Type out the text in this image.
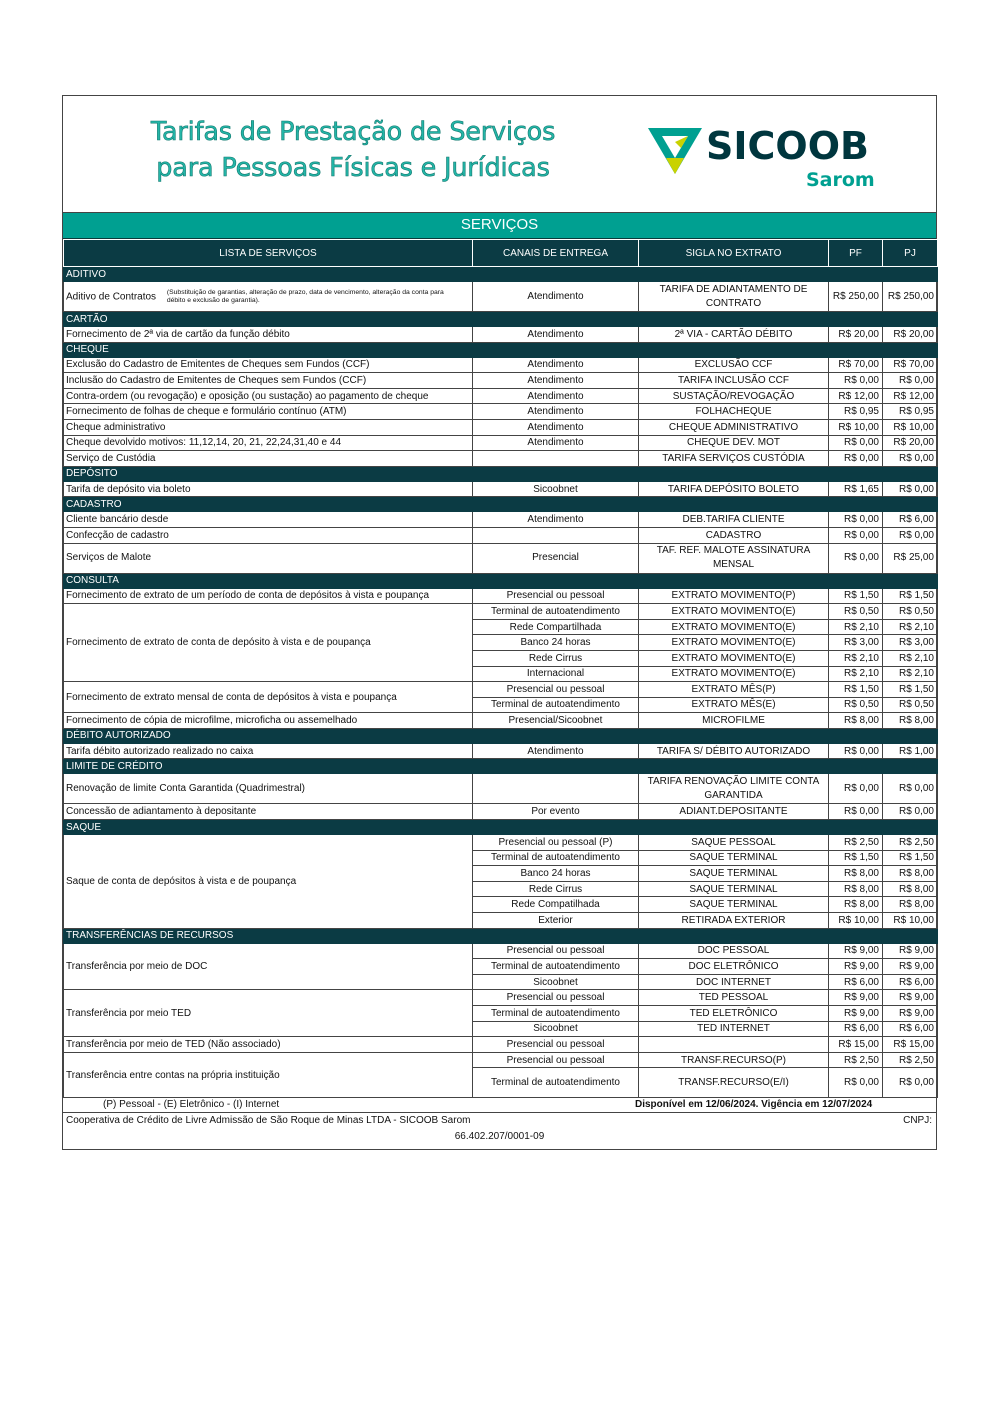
Tarifas de Prestação de Serviços
para Pessoas Físicas e Jurídicas	SICOOB
Sarom
SERVIÇOS
LISTA DE SERVIÇOS	CANAIS DE ENTREGA	SIGLA NO EXTRATO	PF	PJ
ADITIVO				
Aditivo de Contratos (Substituição de garantias, alteração de prazo, data de vencimento, alteração da conta para débito e exclusão de garantia).	Atendimento	TARIFA DE ADIANTAMENTO DE CONTRATO	R$ 250,00	R$ 250,00
CARTÃO				
Fornecimento de 2ª via de cartão da função débito	Atendimento	2ª VIA - CARTÃO DÉBITO	R$ 20,00	R$ 20,00
CHEQUE				
Exclusão do Cadastro de Emitentes de Cheques sem Fundos (CCF)	Atendimento	EXCLUSÃO CCF	R$ 70,00	R$ 70,00
Inclusão do Cadastro de Emitentes de Cheques sem Fundos (CCF)	Atendimento	TARIFA INCLUSÃO CCF	R$ 0,00	R$ 0,00
Contra-ordem (ou revogação) e oposição (ou sustação) ao pagamento de cheque	Atendimento	SUSTAÇÃO/REVOGAÇÃO	R$ 12,00	R$ 12,00
Fornecimento de folhas de cheque e formulário contínuo (ATM)	Atendimento	FOLHACHEQUE	R$ 0,95	R$ 0,95
Cheque administrativo	Atendimento	CHEQUE ADMINISTRATIVO	R$ 10,00	R$ 10,00
Cheque devolvido motivos: 11,12,14, 20, 21, 22,24,31,40 e 44	Atendimento	CHEQUE DEV. MOT	R$ 0,00	R$ 20,00
Serviço de Custódia		TARIFA SERVIÇOS CUSTÓDIA	R$ 0,00	R$ 0,00
DEPÓSITO				
Tarifa de depósito via boleto	Sicoobnet	TARIFA DEPÓSITO BOLETO	R$ 1,65	R$ 0,00
CADASTRO				
Cliente bancário desde	Atendimento	DEB.TARIFA CLIENTE	R$ 0,00	R$ 6,00
Confecção de cadastro		CADASTRO	R$ 0,00	R$ 0,00
Serviços de Malote	Presencial	TAF. REF. MALOTE ASSINATURA MENSAL	R$ 0,00	R$ 25,00
CONSULTA				
Fornecimento de extrato de um período de conta de depósitos à vista e poupança	Presencial ou pessoal	EXTRATO MOVIMENTO(P)	R$ 1,50	R$ 1,50
Fornecimento de extrato de conta de depósito à vista e de poupança	Terminal de autoatendimento	EXTRATO MOVIMENTO(E)	R$ 0,50	R$ 0,50
	Rede Compartilhada	EXTRATO MOVIMENTO(E)	R$ 2,10	R$ 2,10
	Banco 24 horas	EXTRATO MOVIMENTO(E)	R$ 3,00	R$ 3,00
	Rede Cirrus	EXTRATO MOVIMENTO(E)	R$ 2,10	R$ 2,10
	Internacional	EXTRATO MOVIMENTO(E)	R$ 2,10	R$ 2,10
Fornecimento de extrato mensal de conta de depósitos à vista e poupança	Presencial ou pessoal	EXTRATO MÊS(P)	R$ 1,50	R$ 1,50
	Terminal de autoatendimento	EXTRATO MÊS(E)	R$ 0,50	R$ 0,50
Fornecimento de cópia de microfilme, microficha ou assemelhado	Presencial/Sicoobnet	MICROFILME	R$ 8,00	R$ 8,00
DÉBITO AUTORIZADO				
Tarifa débito autorizado realizado no caixa	Atendimento	TARIFA S/ DÉBITO AUTORIZADO	R$ 0,00	R$ 1,00
LIMITE DE CRÉDITO				
Renovação de limite Conta Garantida (Quadrimestral)		TARIFA RENOVAÇÃO LIMITE CONTA GARANTIDA	R$ 0,00	R$ 0,00
Concessão de adiantamento à depositante	Por evento	ADIANT.DEPOSITANTE	R$ 0,00	R$ 0,00
SAQUE				
Saque de conta de depósitos à vista e de poupança	Presencial ou pessoal (P)	SAQUE PESSOAL	R$ 2,50	R$ 2,50
	Terminal de autoatendimento	SAQUE TERMINAL	R$ 1,50	R$ 1,50
	Banco 24 horas	SAQUE TERMINAL	R$ 8,00	R$ 8,00
	Rede Cirrus	SAQUE TERMINAL	R$ 8,00	R$ 8,00
	Rede Compatilhada	SAQUE TERMINAL	R$ 8,00	R$ 8,00
	Exterior	RETIRADA EXTERIOR	R$ 10,00	R$ 10,00
TRANSFERÊNCIAS DE RECURSOS				
Transferência por meio de DOC	Presencial ou pessoal	DOC PESSOAL	R$ 9,00	R$ 9,00
	Terminal de autoatendimento	DOC ELETRÔNICO	R$ 9,00	R$ 9,00
	Sicoobnet	DOC INTERNET	R$ 6,00	R$ 6,00
Transferência por meio TED	Presencial ou pessoal	TED PESSOAL	R$ 9,00	R$ 9,00
	Terminal de autoatendimento	TED ELETRÔNICO	R$ 9,00	R$ 9,00
	Sicoobnet	TED INTERNET	R$ 6,00	R$ 6,00
Transferência por meio de TED (Não associado)	Presencial ou pessoal		R$ 15,00	R$ 15,00
Transferência entre contas na própria instituição	Presencial ou pessoal	TRANSF.RECURSO(P)	R$ 2,50	R$ 2,50
	Terminal de autoatendimento	TRANSF.RECURSO(E/I)	R$ 0,00	R$ 0,00
(P) Pessoal - (E) Eletrônico - (I) Internet	Disponível em 12/06/2024. Vigência em 12/07/2024
Cooperativa de Crédito de Livre Admissão de São Roque de Minas LTDA - SICOOB Sarom	CNPJ:
66.402.207/0001-09
